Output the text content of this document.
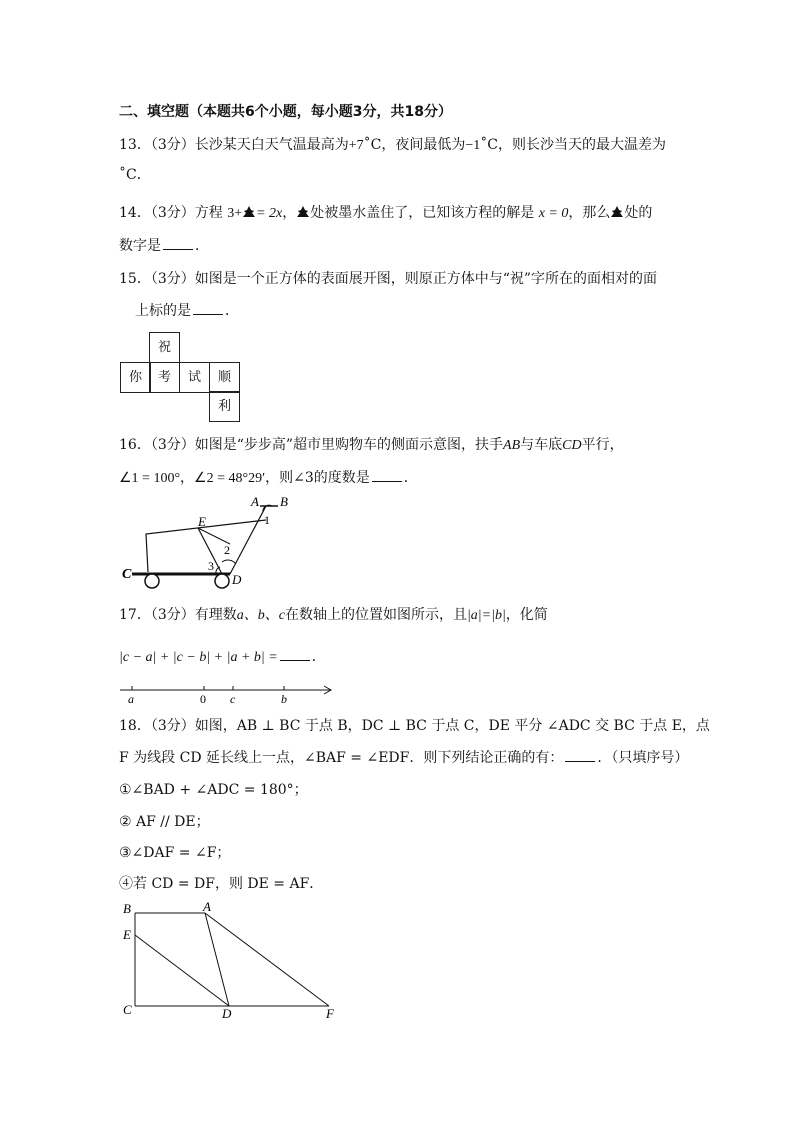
二、填空题（本题共6个小题，每小题3分，共18分）
13．（3分）长沙某天白天气温最高为+7˚C，夜间最低为−1˚C，则长沙当天的最大温差为
˚C．
14．（3分）方程 3+ = 2x， 处被墨水盖住了，已知该方程的解是 x = 0，那么 处的
数字是 ．
15．（3分）如图是一个正方体的表面展开图，则原正方体中与“祝”字所在的面相对的面
上标的是 ．
祝
你	考	试	顺
利
16．（3分）如图是“步步高”超市里购物车的侧面示意图，扶手AB与车底CD平行，
∠1 = 100°，∠2 = 48°29′，则∠3的度数是 ．
A B
1
E
2
3
C	D
17．（3分）有理数a、b、c在数轴上的位置如图所示，且|a|=|b|，化简
|c − a| + |c − b| + |a + b| = ．
a	0 c	b
18．（3分）如图，AB ⊥ BC 于点 B，DC ⊥ BC 于点 C，DE 平分 ∠ADC 交 BC 于点 E，点
F 为线段 CD 延长线上一点，∠BAF = ∠EDF．则下列结论正确的有： ．（只填序号）
①∠BAD + ∠ADC = 180°；
② AF // DE；
③∠DAF = ∠F；
④若 CD = DF，则 DE = AF．
B	A
E
C	D	F
